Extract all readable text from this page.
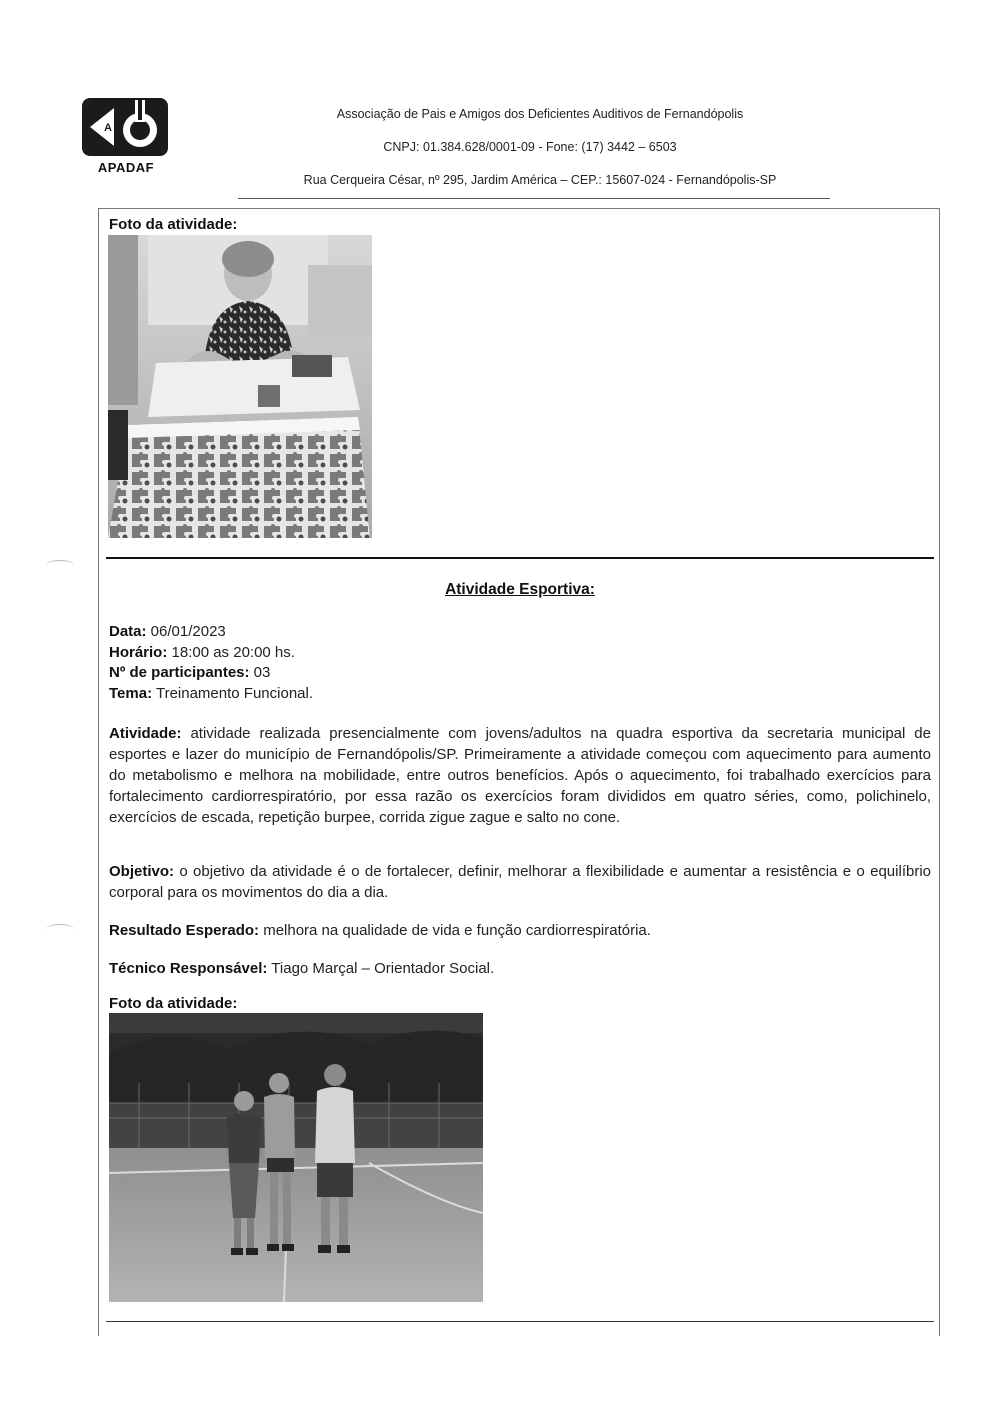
A
APADAF
Associação de Pais e Amigos dos Deficientes Auditivos de Fernandópolis
CNPJ: 01.384.628/0001-09 - Fone: (17) 3442 – 6503
Rua Cerqueira César, nº 295, Jardim América – CEP.: 15607-024 - Fernandópolis-SP
Foto da atividade:
Atividade Esportiva:
Data: 06/01/2023
Horário: 18:00 as 20:00 hs.
Nº de participantes: 03
Tema: Treinamento Funcional.
Atividade: atividade realizada presencialmente com jovens/adultos na quadra esportiva da secretaria municipal de esportes e lazer do município de Fernandópolis/SP. Primeiramente a atividade começou com aquecimento para aumento do metabolismo e melhora na mobilidade, entre outros benefícios. Após o aquecimento, foi trabalhado exercícios para fortalecimento cardiorrespiratório, por essa razão os exercícios foram divididos em quatro séries, como, polichinelo, exercícios de escada, repetição burpee, corrida zigue zague e salto no cone.
Objetivo: o objetivo da atividade é o de fortalecer, definir, melhorar a flexibilidade e aumentar a resistência e o equilíbrio corporal para os movimentos do dia a dia.
Resultado Esperado: melhora na qualidade de vida e função cardiorrespiratória.
Técnico Responsável: Tiago Marçal – Orientador Social.
Foto da atividade:
